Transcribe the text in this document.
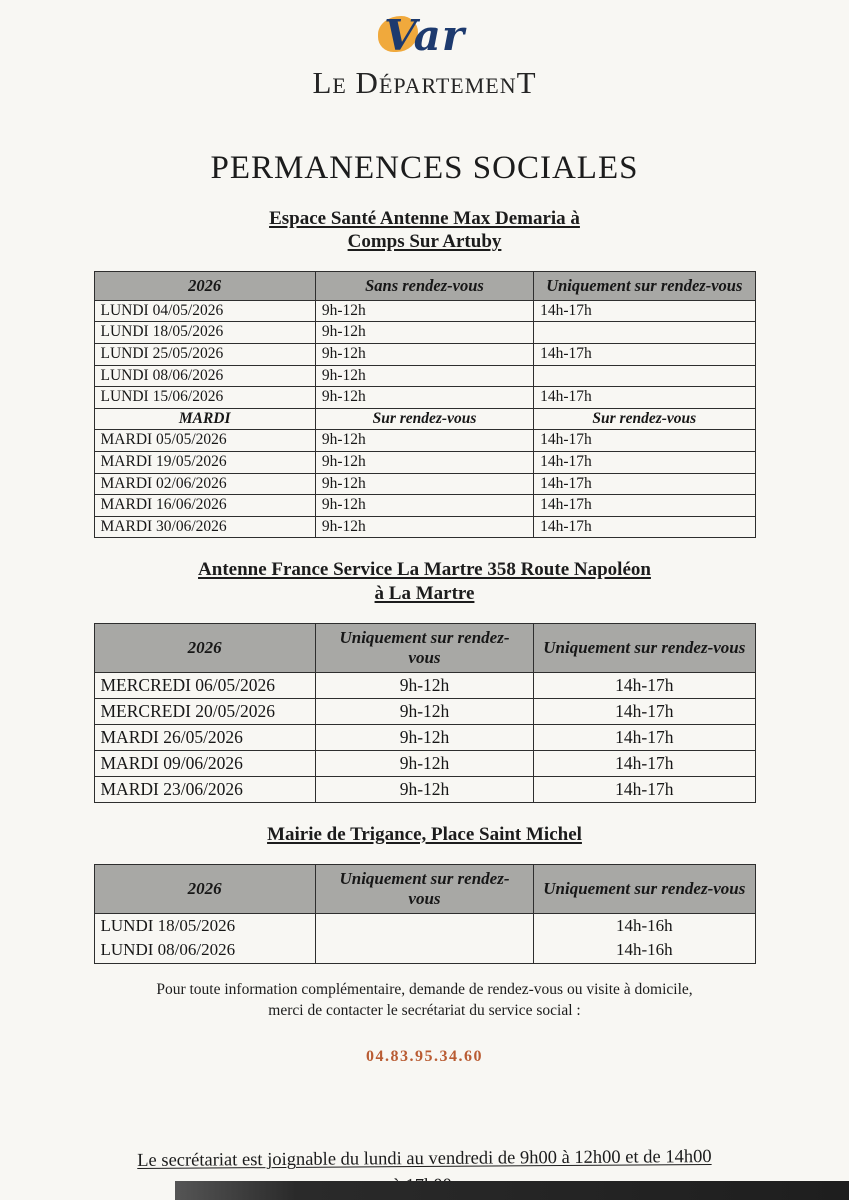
Var
Le DépartemenT
PERMANENCES SOCIALES
Espace Santé Antenne Max Demaria à
Comps Sur Artuby
2026	Sans rendez-vous	Uniquement sur rendez-vous
LUNDI 04/05/2026	9h-12h	14h-17h
LUNDI 18/05/2026	9h-12h	
LUNDI 25/05/2026	9h-12h	14h-17h
LUNDI 08/06/2026	9h-12h	
LUNDI 15/06/2026	9h-12h	14h-17h
MARDI	Sur rendez-vous	Sur rendez-vous
MARDI 05/05/2026	9h-12h	14h-17h
MARDI 19/05/2026	9h-12h	14h-17h
MARDI 02/06/2026	9h-12h	14h-17h
MARDI 16/06/2026	9h-12h	14h-17h
MARDI 30/06/2026	9h-12h	14h-17h
Antenne France Service La Martre 358 Route Napoléon
à La Martre
2026	Uniquement sur rendez-vous	Uniquement sur rendez-vous
MERCREDI 06/05/2026	9h-12h	14h-17h
MERCREDI 20/05/2026	9h-12h	14h-17h
MARDI 26/05/2026	9h-12h	14h-17h
MARDI 09/06/2026	9h-12h	14h-17h
MARDI 23/06/2026	9h-12h	14h-17h
Mairie de Trigance, Place Saint Michel
2026	Uniquement sur rendez-vous	Uniquement sur rendez-vous
LUNDI 18/05/2026		14h-16h
LUNDI 08/06/2026		14h-16h

Pour toute information complémentaire, demande de rendez-vous ou visite à domicile,
merci de contacter le secrétariat du service social :

04.83.95.34.60

Le secrétariat est joignable du lundi au vendredi de 9h00 à 12h00 et de 14h00
